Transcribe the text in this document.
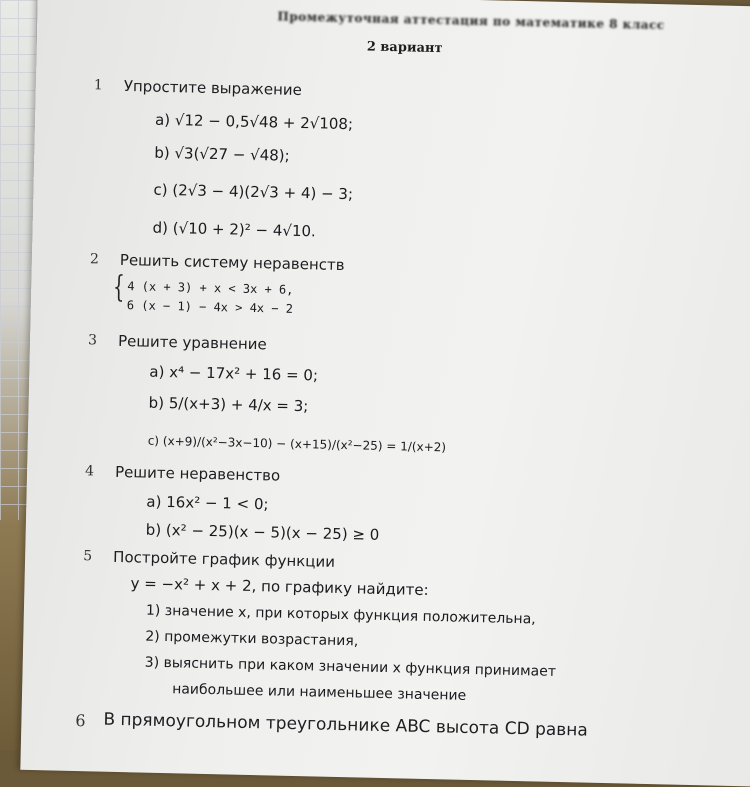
Промежуточная аттестация по математике 8 класс
2 вариант
1 Упростите выражение
a) √12 − 0,5√48 + 2√108;
b) √3(√27 − √48);
c) (2√3 − 4)(2√3 + 4) − 3;
d) (√10 + 2)² − 4√10.
2 Решить систему неравенств
{ 4 (x + 3) + x < 3x + 6,
6 (x − 1) − 4x > 4x − 2
3 Решите уравнение
a) x⁴ − 17x² + 16 = 0;
b) 5/(x+3) + 4/x = 3;
c) (x+9)/(x²−3x−10) − (x+15)/(x²−25) = 1/(x+2)
4 Решите неравенство
a) 16x² − 1 < 0;
b) (x² − 25)(x − 5)(x − 25) ≥ 0
5 Постройте график функции
y = −x² + x + 2, по графику найдите:
1) значение x, при которых функция положительна,
2) промежутки возрастания,
3) выяснить при каком значении x функция принимает
наибольшее или наименьшее значение
6 В прямоугольном треугольнике ABC высота CD равна
